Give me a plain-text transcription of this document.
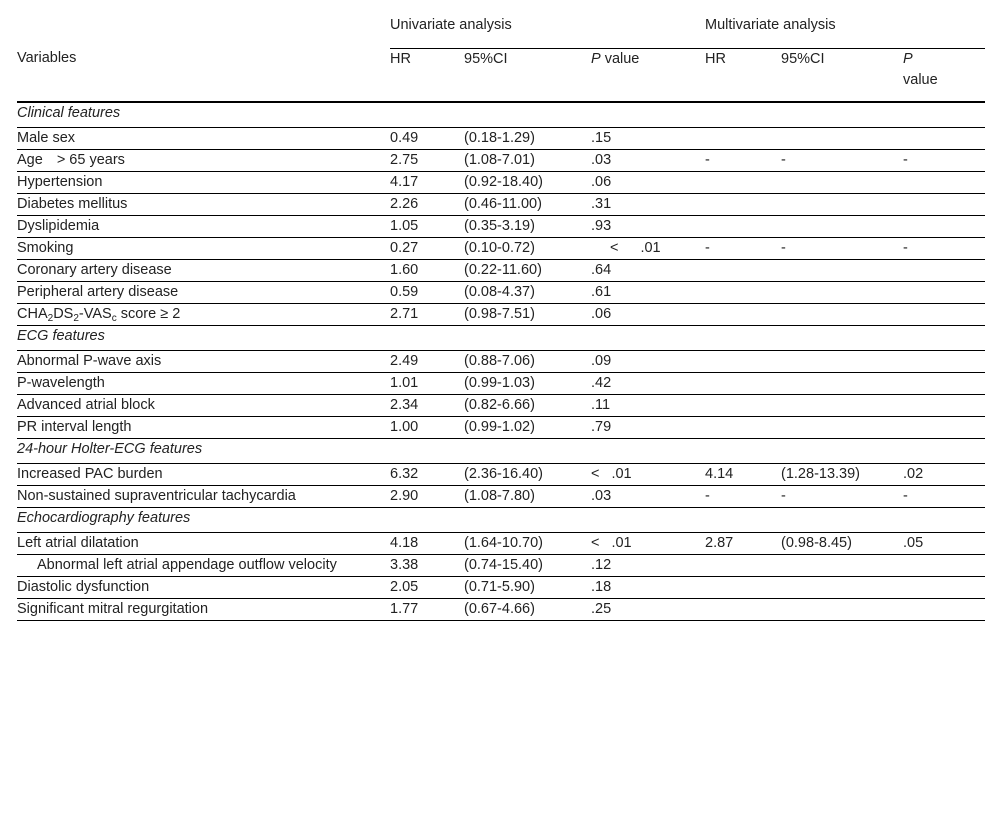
Variables	Univariate analysis			Multivariate analysis		
	HR	95%CI	P value	HR	95%CI	P
value
Clinical features						
Male sex	0.49	(0.18-1.29)	.15			
Age > 65 years	2.75	(1.08-7.01)	.03	-	-	-
Hypertension	4.17	(0.92-18.40)	.06			
Diabetes mellitus	2.26	(0.46-11.00)	.31			
Dyslipidemia	1.05	(0.35-3.19)	.93			
Smoking	0.27	(0.10-0.72)	< .01	-	-	-
Coronary artery disease	1.60	(0.22-11.60)	.64			
Peripheral artery disease	0.59	(0.08-4.37)	.61			
$CHA_2DS_2-VAS_c$ score ≥ 2	2.71	(0.98-7.51)	.06			
ECG features						
Abnormal P-wave axis	2.49	(0.88-7.06)	.09			
P-wavelength	1.01	(0.99-1.03)	.42			
Advanced atrial block	2.34	(0.82-6.66)	.11			
PR interval length	1.00	(0.99-1.02)	.79			
24-hour Holter-ECG features						
Increased PAC burden	6.32	(2.36-16.40)	< .01	4.14	(1.28-13.39)	.02
Non-sustained supraventricular tachycardia	2.90	(1.08-7.80)	.03	-	-	-
Echocardiography features						
Left atrial dilatation	4.18	(1.64-10.70)	< .01	2.87	(0.98-8.45)	.05
Abnormal left atrial appendage outflow velocity	3.38	(0.74-15.40)	.12			
Diastolic dysfunction	2.05	(0.71-5.90)	.18			
Significant mitral regurgitation	1.77	(0.67-4.66)	.25			
